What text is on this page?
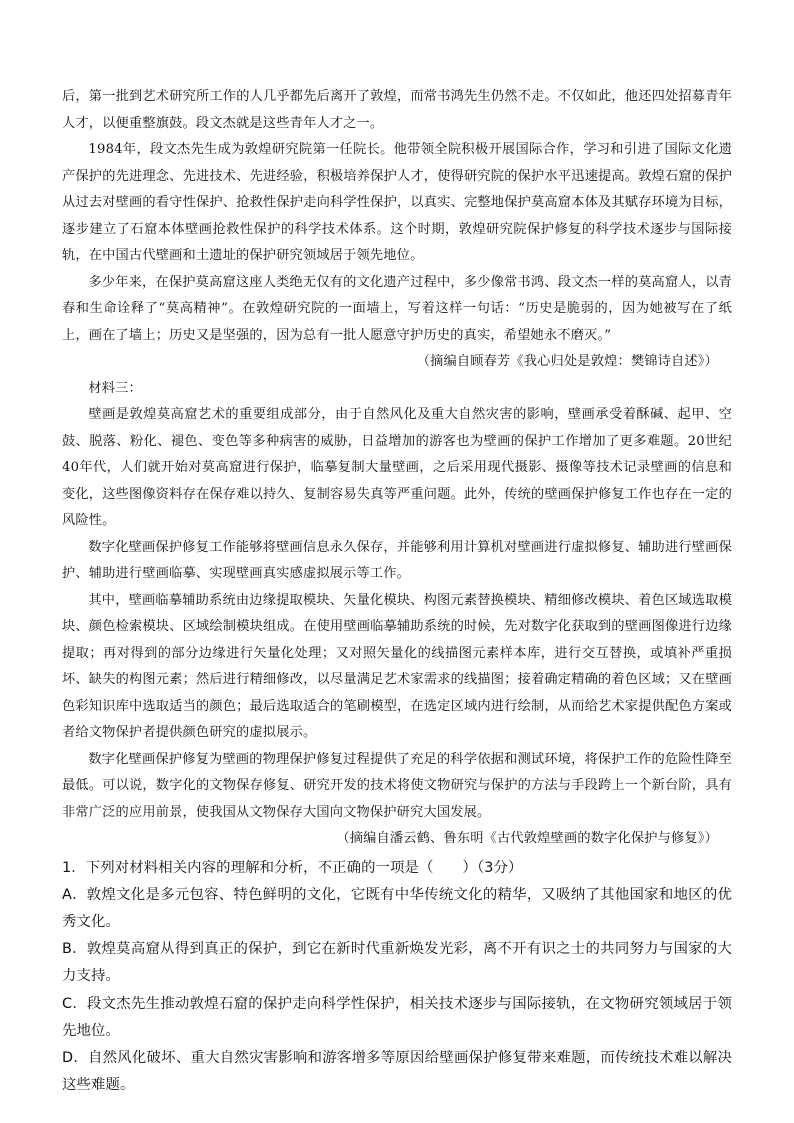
后，第一批到艺术研究所工作的人几乎都先后离开了敦煌，而常书鸿先生仍然不走。不仅如此，他还四处招募青年人才，以便重整旗鼓。段文杰就是这些青年人才之一。

1984年，段文杰先生成为敦煌研究院第一任院长。他带领全院积极开展国际合作，学习和引进了国际文化遗产保护的先进理念、先进技术、先进经验，积极培养保护人才，使得研究院的保护水平迅速提高。敦煌石窟的保护从过去对壁画的看守性保护、抢救性保护走向科学性保护，以真实、完整地保护莫高窟本体及其赋存环境为目标，逐步建立了石窟本体壁画抢救性保护的科学技术体系。这个时期，敦煌研究院保护修复的科学技术逐步与国际接轨，在中国古代壁画和土遗址的保护研究领域居于领先地位。

多少年来，在保护莫高窟这座人类绝无仅有的文化遗产过程中，多少像常书鸿、段文杰一样的莫高窟人，以青春和生命诠释了“莫高精神”。在敦煌研究院的一面墙上，写着这样一句话：“历史是脆弱的，因为她被写在了纸上，画在了墙上；历史又是坚强的，因为总有一批人愿意守护历史的真实，希望她永不磨灭。”

（摘编自顾春芳《我心归处是敦煌：樊锦诗自述》）

材料三：

壁画是敦煌莫高窟艺术的重要组成部分，由于自然风化及重大自然灾害的影响，壁画承受着酥碱、起甲、空鼓、脱落、粉化、褪色、变色等多种病害的威胁，日益增加的游客也为壁画的保护工作增加了更多难题。20世纪40年代，人们就开始对莫高窟进行保护，临摹复制大量壁画，之后采用现代摄影、摄像等技术记录壁画的信息和变化，这些图像资料存在保存难以持久、复制容易失真等严重问题。此外，传统的壁画保护修复工作也存在一定的风险性。

数字化壁画保护修复工作能够将壁画信息永久保存，并能够利用计算机对壁画进行虚拟修复、辅助进行壁画保护、辅助进行壁画临摹、实现壁画真实感虚拟展示等工作。

其中，壁画临摹辅助系统由边缘提取模块、矢量化模块、构图元素替换模块、精细修改模块、着色区域选取模块、颜色检索模块、区域绘制模块组成。在使用壁画临摹辅助系统的时候，先对数字化获取到的壁画图像进行边缘提取；再对得到的部分边缘进行矢量化处理；又对照矢量化的线描图元素样本库，进行交互替换，或填补严重损坏、缺失的构图元素；然后进行精细修改，以尽量满足艺术家需求的线描图；接着确定精确的着色区域；又在壁画色彩知识库中选取适当的颜色；最后选取适合的笔刷模型，在选定区域内进行绘制，从而给艺术家提供配色方案或者给文物保护者提供颜色研究的虚拟展示。

数字化壁画保护修复为壁画的物理保护修复过程提供了充足的科学依据和测试环境，将保护工作的危险性降至最低。可以说，数字化的文物保存修复、研究开发的技术将使文物研究与保护的方法与手段跨上一个新台阶，具有非常广泛的应用前景，使我国从文物保存大国向文物保护研究大国发展。

（摘编自潘云鹤、鲁东明《古代敦煌壁画的数字化保护与修复》）

1．下列对材料相关内容的理解和分析，不正确的一项是（　　）（3分）

A．敦煌文化是多元包容、特色鲜明的文化，它既有中华传统文化的精华，又吸纳了其他国家和地区的优秀文化。

B．敦煌莫高窟从得到真正的保护，到它在新时代重新焕发光彩，离不开有识之士的共同努力与国家的大力支持。

C．段文杰先生推动敦煌石窟的保护走向科学性保护，相关技术逐步与国际接轨，在文物研究领域居于领先地位。

D．自然风化破坏、重大自然灾害影响和游客增多等原因给壁画保护修复带来难题，而传统技术难以解决这些难题。
